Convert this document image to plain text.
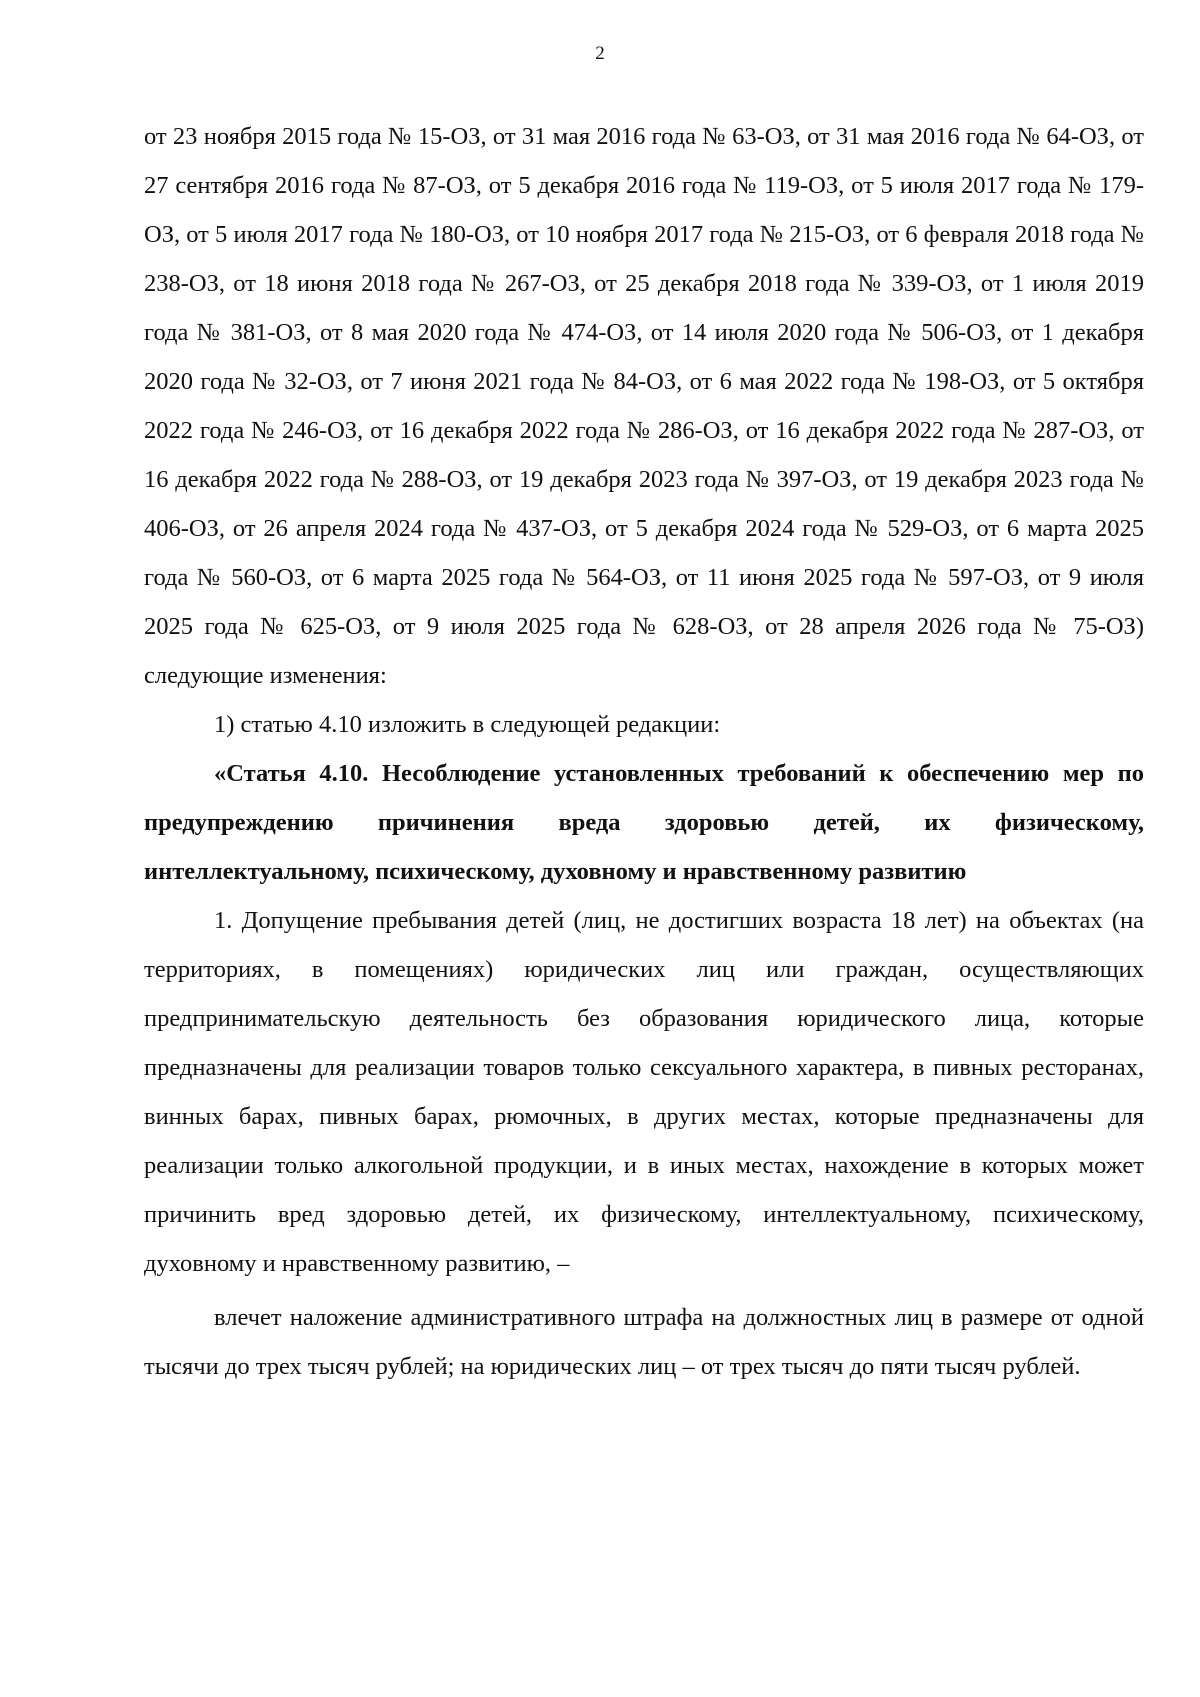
2

от 23 ноября 2015 года № 15-ОЗ, от 31 мая 2016 года № 63-ОЗ, от 31 мая 2016 года № 64-ОЗ, от 27 сентября 2016 года № 87-ОЗ, от 5 декабря 2016 года № 119-ОЗ, от 5 июля 2017 года № 179-ОЗ, от 5 июля 2017 года № 180-ОЗ, от 10 ноября 2017 года № 215-ОЗ, от 6 февраля 2018 года № 238-ОЗ, от 18 июня 2018 года № 267-ОЗ, от 25 декабря 2018 года № 339-ОЗ, от 1 июля 2019 года № 381-ОЗ, от 8 мая 2020 года № 474-ОЗ, от 14 июля 2020 года № 506-ОЗ, от 1 декабря 2020 года № 32-ОЗ, от 7 июня 2021 года № 84-ОЗ, от 6 мая 2022 года № 198-ОЗ, от 5 октября 2022 года № 246-ОЗ, от 16 декабря 2022 года № 286-ОЗ, от 16 декабря 2022 года № 287-ОЗ, от 16 декабря 2022 года № 288-ОЗ, от 19 декабря 2023 года № 397-ОЗ, от 19 декабря 2023 года № 406-ОЗ, от 26 апреля 2024 года № 437-ОЗ, от 5 декабря 2024 года № 529-ОЗ, от 6 марта 2025 года № 560-ОЗ, от 6 марта 2025 года № 564-ОЗ, от 11 июня 2025 года № 597-ОЗ, от 9 июля 2025 года № 625-ОЗ, от 9 июля 2025 года № 628-ОЗ, от 28 апреля 2026 года № 75-ОЗ) следующие изменения:

1) статью 4.10 изложить в следующей редакции:

«Статья 4.10. Несоблюдение установленных требований к обеспечению мер по предупреждению причинения вреда здоровью детей, их физическому, интеллектуальному, психическому, духовному и нравственному развитию

1. Допущение пребывания детей (лиц, не достигших возраста 18 лет) на объектах (на территориях, в помещениях) юридических лиц или граждан, осуществляющих предпринимательскую деятельность без образования юридического лица, которые предназначены для реализации товаров только сексуального характера, в пивных ресторанах, винных барах, пивных барах, рюмочных, в других местах, которые предназначены для реализации только алкогольной продукции, и в иных местах, нахождение в которых может причинить вред здоровью детей, их физическому, интеллектуальному, психическому, духовному и нравственному развитию, –

влечет наложение административного штрафа на должностных лиц в размере от одной тысячи до трех тысяч рублей; на юридических лиц – от трех тысяч до пяти тысяч рублей.
